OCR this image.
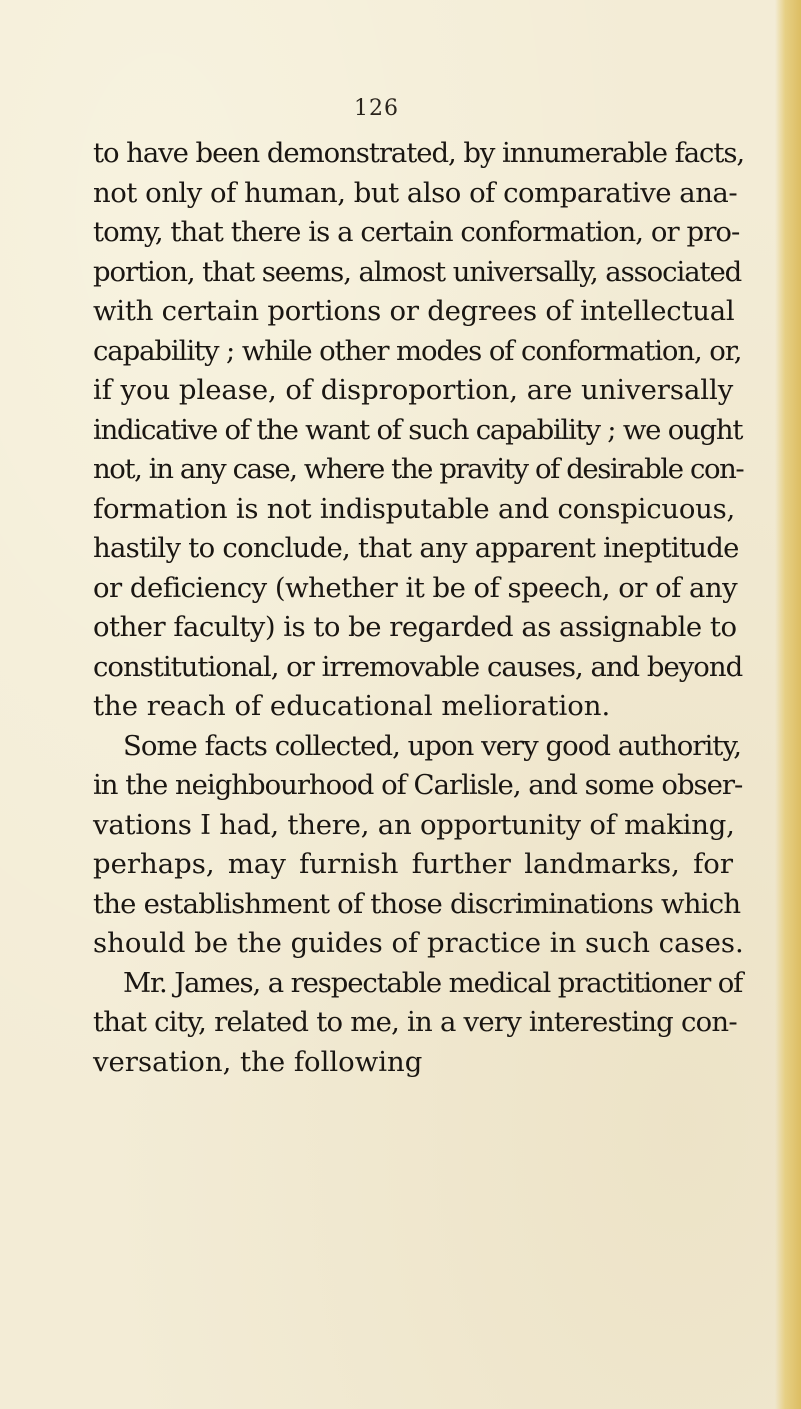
126
to have been demonstrated, by innumerable facts,
not only of human, but also of comparative ana-
tomy, that there is a certain conformation, or pro-
portion, that seems, almost universally, associated
with certain portions or degrees of intellectual
capability ; while other modes of conformation, or,
if you please, of disproportion, are universally
indicative of the want of such capability ; we ought
not, in any case, where the pravity of desirable con-
formation is not indisputable and conspicuous,
hastily to conclude, that any apparent ineptitude
or deficiency (whether it be of speech, or of any
other faculty) is to be regarded as assignable to
constitutional, or irremovable causes, and beyond
the reach of educational melioration.
Some facts collected, upon very good authority,
in the neighbourhood of Carlisle, and some obser-
vations I had, there, an opportunity of making,
perhaps, may furnish further landmarks, for
the establishment of those discriminations which
should be the guides of practice in such cases.
Mr. James, a respectable medical practitioner of
that city, related to me, in a very interesting con-
versation, the following
